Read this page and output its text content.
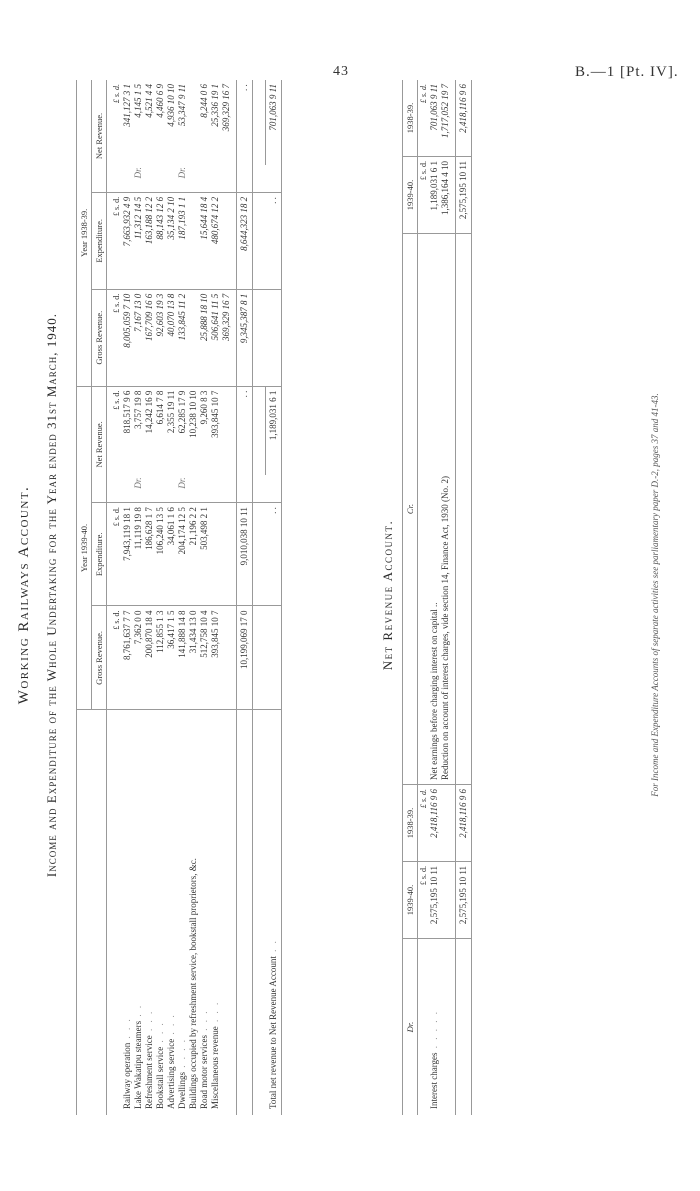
43	B.—1 [Pt. IV].
Working Railways Account. Income and Expenditure of the Whole Undertaking for the Year ended 31st March, 1940.
	Year 1939-40.				Year 1938-39.			
	Gross Revenue.	Expenditure.	Net Revenue.		Gross Revenue.	Expenditure.	Net Revenue.	

	£ s. d.	£ s. d.		£ s. d.	£ s. d.	£ s. d.		£ s. d.
Railway operation . . .	8,761,637 7 7	7,943,119 18 1		818,517 9 6	8,005,059 7 10	7,663,932 4 9		341,127 3 1
Lake Wakatipu steamers . .	7,362 0 0	11,119 19 8	Dr.	3,757 19 8	7,167 13 0	11,312 14 5	Dr.	4,145 1 5
Refreshment service . . .	200,870 18 4	186,628 1 7		14,242 16 9	167,709 16 6	163,188 12 2		4,521 4 4
Bookstall service . . .	112,855 1 3	106,240 13 5		6,614 7 8	92,603 19 3	88,143 12 6		4,460 6 9
Advertising service . . .	36,417 1 5	34,061 1 6		2,355 19 11	40,070 13 8	35,134 2 10		4,936 10 10
Dwellings . . . .	141,888 14 8	204,174 12 5	Dr.	62,285 17 9	133,845 11 2	187,193 1 1	Dr.	53,347 9 11
Buildings occupied by refreshment service, bookstall proprietors, &c.	31,434 13 0	21,196 2 2		10,238 10 10				
Road motor services . . .	512,758 10 4	503,498 2 1		9,260 8 3	25,888 18 10	15,644 18 4		8,244 0 6
Miscellaneous revenue . . .	393,845 10 7			393,845 10 7	506,641 11 5	480,674 12 2		25,336 19 1
					369,329 16 7			369,329 16 7

	10,199,069 17 0	9,010,038 10 11		. .	9,345,387 8 1	8,644,323 18 2		. .

Total net revenue to Net Revenue Account . .		. .		1,189,031 6 1		. .		701,063 9 11
Net Revenue Account.
Dr.	1939-40.	1938-39.	Cr.	1939-40.	1938-39.
	£ s. d.	£ s. d.		£ s. d.	£ s. d.
Interest charges . . . . .	2,575,195 10 11	2,418,116 9 6	Net earnings before charging interest on capital ..	1,189,031 6 1	701,063 9 11
			Reduction on account of interest charges, vide section 14, Finance Act, 1930 (No. 2)	1,386,164 4 10	1,717,052 19 7

	2,575,195 10 11	2,418,116 9 6		2,575,195 10 11	2,418,116 9 6
For Income and Expenditure Accounts of separate activities see parliamentary paper D.-2, pages 37 and 41-43.
